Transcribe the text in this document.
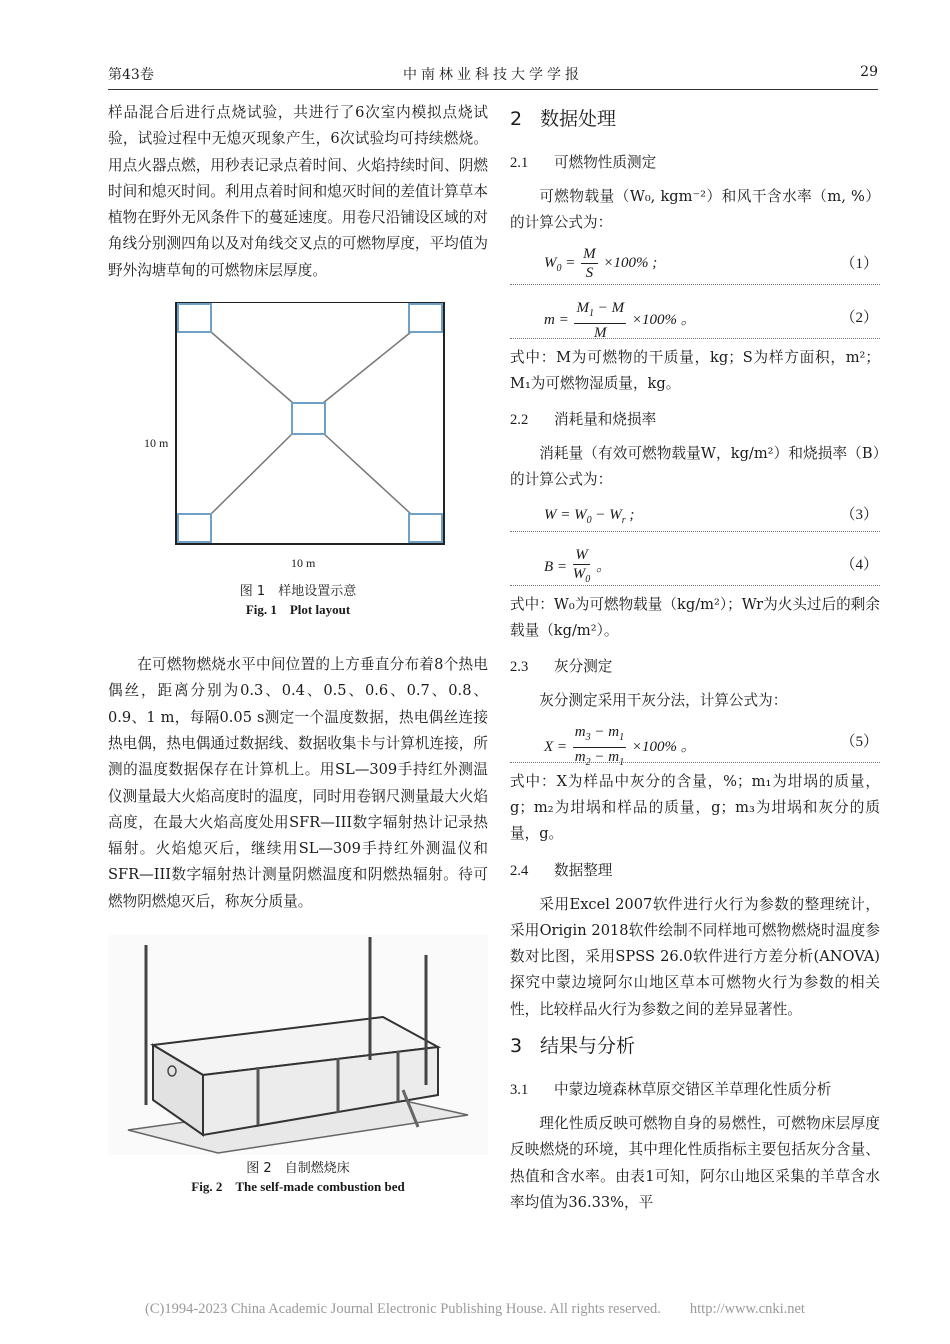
第43卷	中南林业科技大学学报	29

样品混合后进行点烧试验，共进行了6次室内模拟点烧试验，试验过程中无熄灭现象产生，6次试验均可持续燃烧。用点火器点燃，用秒表记录点着时间、火焰持续时间、阴燃时间和熄灭时间。利用点着时间和熄灭时间的差值计算草本植物在野外无风条件下的蔓延速度。用卷尺沿铺设区域的对角线分别测四角以及对角线交叉点的可燃物厚度，平均值为野外沟塘草甸的可燃物床层厚度。

10 m
10 m
图 1　样地设置示意
Fig. 1　Plot layout

在可燃物燃烧水平中间位置的上方垂直分布着8个热电偶丝，距离分别为0.3、0.4、0.5、0.6、0.7、0.8、0.9、1 m，每隔0.05 s测定一个温度数据，热电偶丝连接热电偶，热电偶通过数据线、数据收集卡与计算机连接，所测的温度数据保存在计算机上。用SL—309手持红外测温仪测量最大火焰高度时的温度，同时用卷钢尺测量最大火焰高度，在最大火焰高度处用SFR—III数字辐射热计记录热辐射。火焰熄灭后，继续用SL—309手持红外测温仪和SFR—III数字辐射热计测量阴燃温度和阴燃热辐射。待可燃物阴燃熄灭后，称灰分质量。

图 2　自制燃烧床
Fig. 2　The self-made combustion bed
2 数据处理
2.1 可燃物性质测定

可燃物载量（W₀, kgm⁻²）和风干含水率（m, %）的计算公式为：

$W_0 = \frac{M}{S} \times 100\%$ ;	（1）
$m = \frac{M_1 - M}{M} \times 100\%$ 。	（2）

式中：M为可燃物的干质量，kg；S为样方面积，m²；M₁为可燃物湿质量，kg。

2.2 消耗量和烧损率

消耗量（有效可燃物载量W，kg/m²）和烧损率（B）的计算公式为：

$W = W_0 - W_r$ ;	（3）
$B = \frac{W}{W_0}$ 。	（4）

式中：W₀为可燃物载量（kg/m²）；Wr为火头过后的剩余载量（kg/m²）。

2.3 灰分测定

灰分测定采用干灰分法，计算公式为：

$X = \frac{m_3 - m_1}{m_2 - m_1} \times 100\%$ 。	（5）

式中：X为样品中灰分的含量，%；m₁为坩埚的质量，g；m₂为坩埚和样品的质量，g；m₃为坩埚和灰分的质量，g。

2.4 数据整理

采用Excel 2007软件进行火行为参数的整理统计，采用Origin 2018软件绘制不同样地可燃物燃烧时温度参数对比图，采用SPSS 26.0软件进行方差分析(ANOVA)探究中蒙边境阿尔山地区草本可燃物火行为参数的相关性，比较样品火行为参数之间的差异显著性。

3 结果与分析
3.1 中蒙边境森林草原交错区羊草理化性质分析

理化性质反映可燃物自身的易燃性，可燃物床层厚度反映燃烧的环境，其中理化性质指标主要包括灰分含量、热值和含水率。由表1可知，阿尔山地区采集的羊草含水率均值为36.33%，平

(C)1994-2023 China Academic Journal Electronic Publishing House. All rights reserved.　　http://www.cnki.net
